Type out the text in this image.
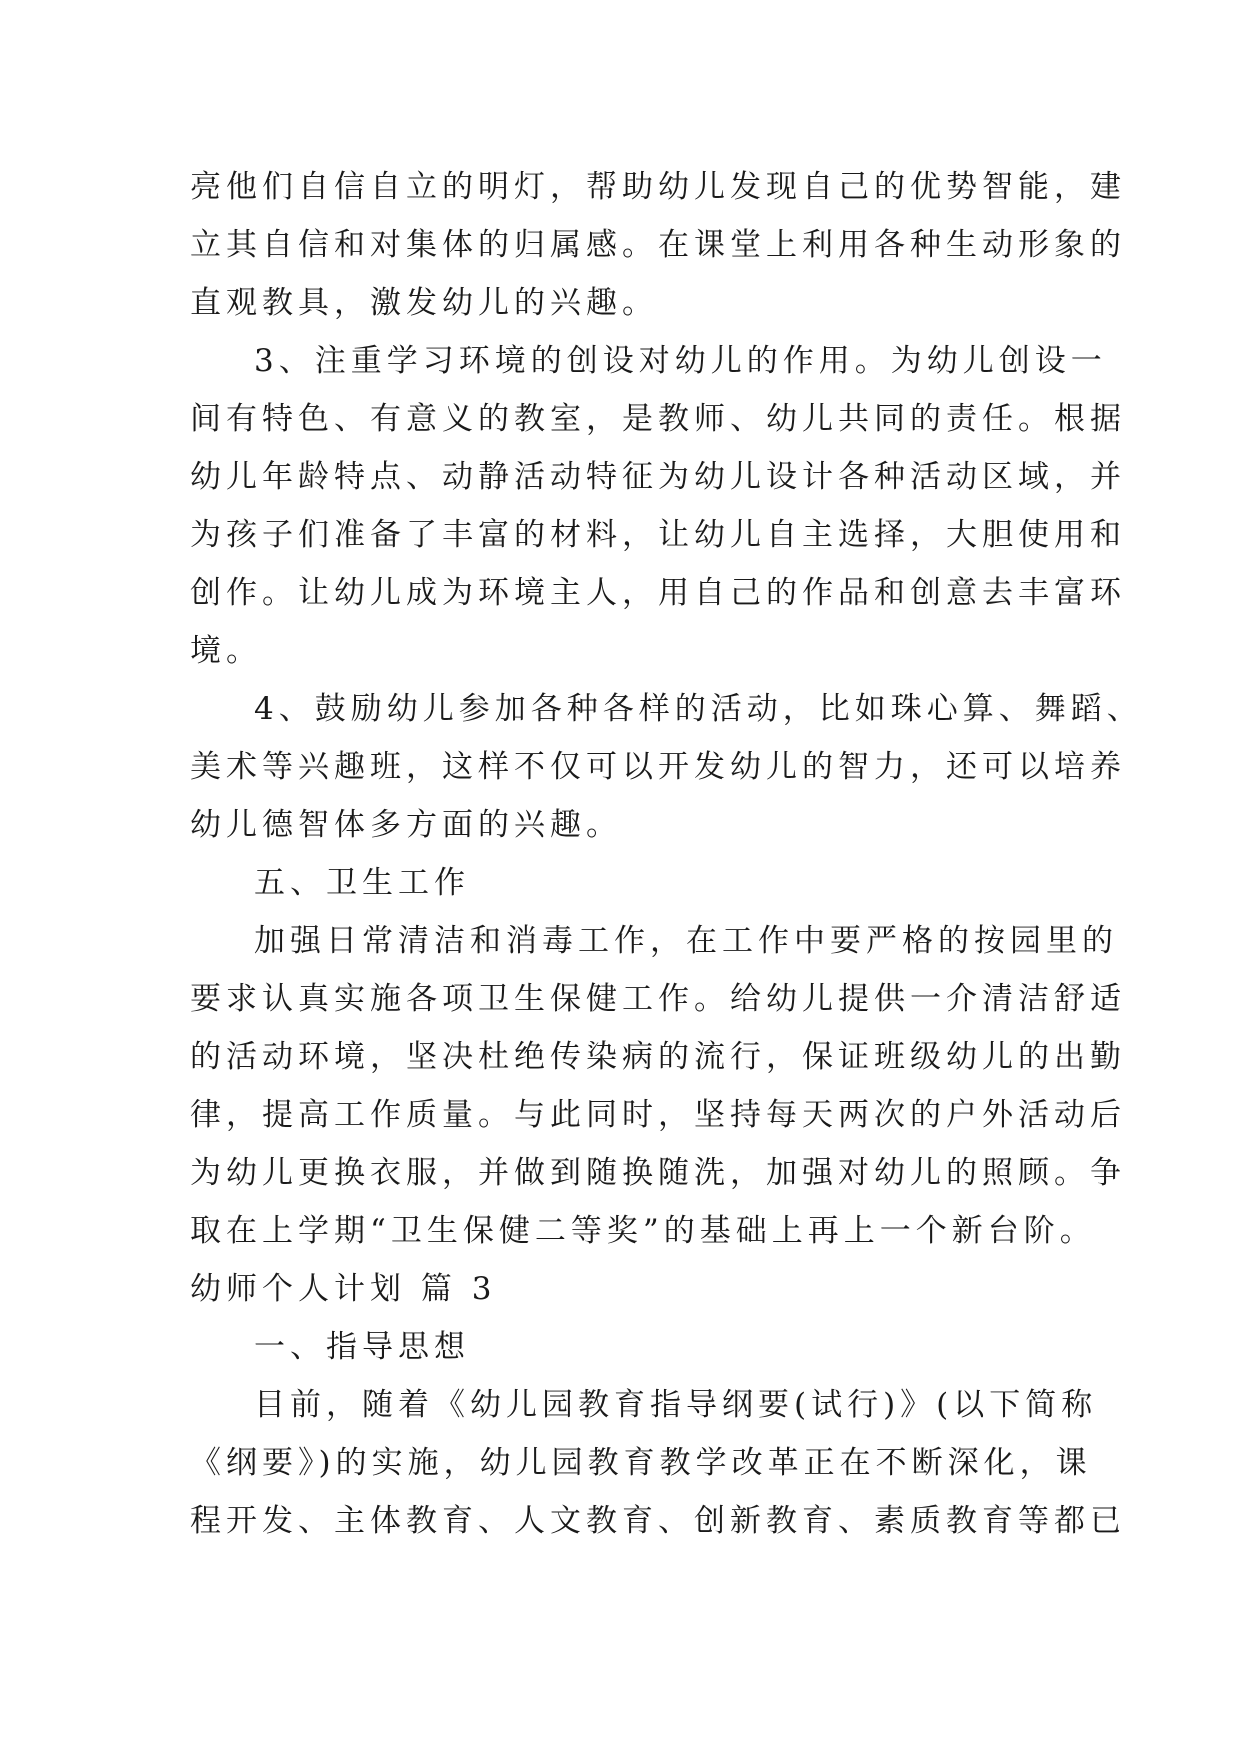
亮他们自信自立的明灯，帮助幼儿发现自己的优势智能，建
立其自信和对集体的归属感。在课堂上利用各种生动形象的
直观教具，激发幼儿的兴趣。
3、注重学习环境的创设对幼儿的作用。为幼儿创设一
间有特色、有意义的教室，是教师、幼儿共同的责任。根据
幼儿年龄特点、动静活动特征为幼儿设计各种活动区域，并
为孩子们准备了丰富的材料，让幼儿自主选择，大胆使用和
创作。让幼儿成为环境主人，用自己的作品和创意去丰富环
境。
4、鼓励幼儿参加各种各样的活动，比如珠心算、舞蹈、
美术等兴趣班，这样不仅可以开发幼儿的智力，还可以培养
幼儿德智体多方面的兴趣。
五、卫生工作
加强日常清洁和消毒工作，在工作中要严格的按园里的
要求认真实施各项卫生保健工作。给幼儿提供一介清洁舒适
的活动环境，坚决杜绝传染病的流行，保证班级幼儿的出勤
律，提高工作质量。与此同时，坚持每天两次的户外活动后
为幼儿更换衣服，并做到随换随洗，加强对幼儿的照顾。争
取在上学期“卫生保健二等奖”的基础上再上一个新台阶。
幼师个人计划 篇 3
一、指导思想
目前，随着《幼儿园教育指导纲要(试行)》(以下简称
《纲要》)的实施，幼儿园教育教学改革正在不断深化，课
程开发、主体教育、人文教育、创新教育、素质教育等都已
